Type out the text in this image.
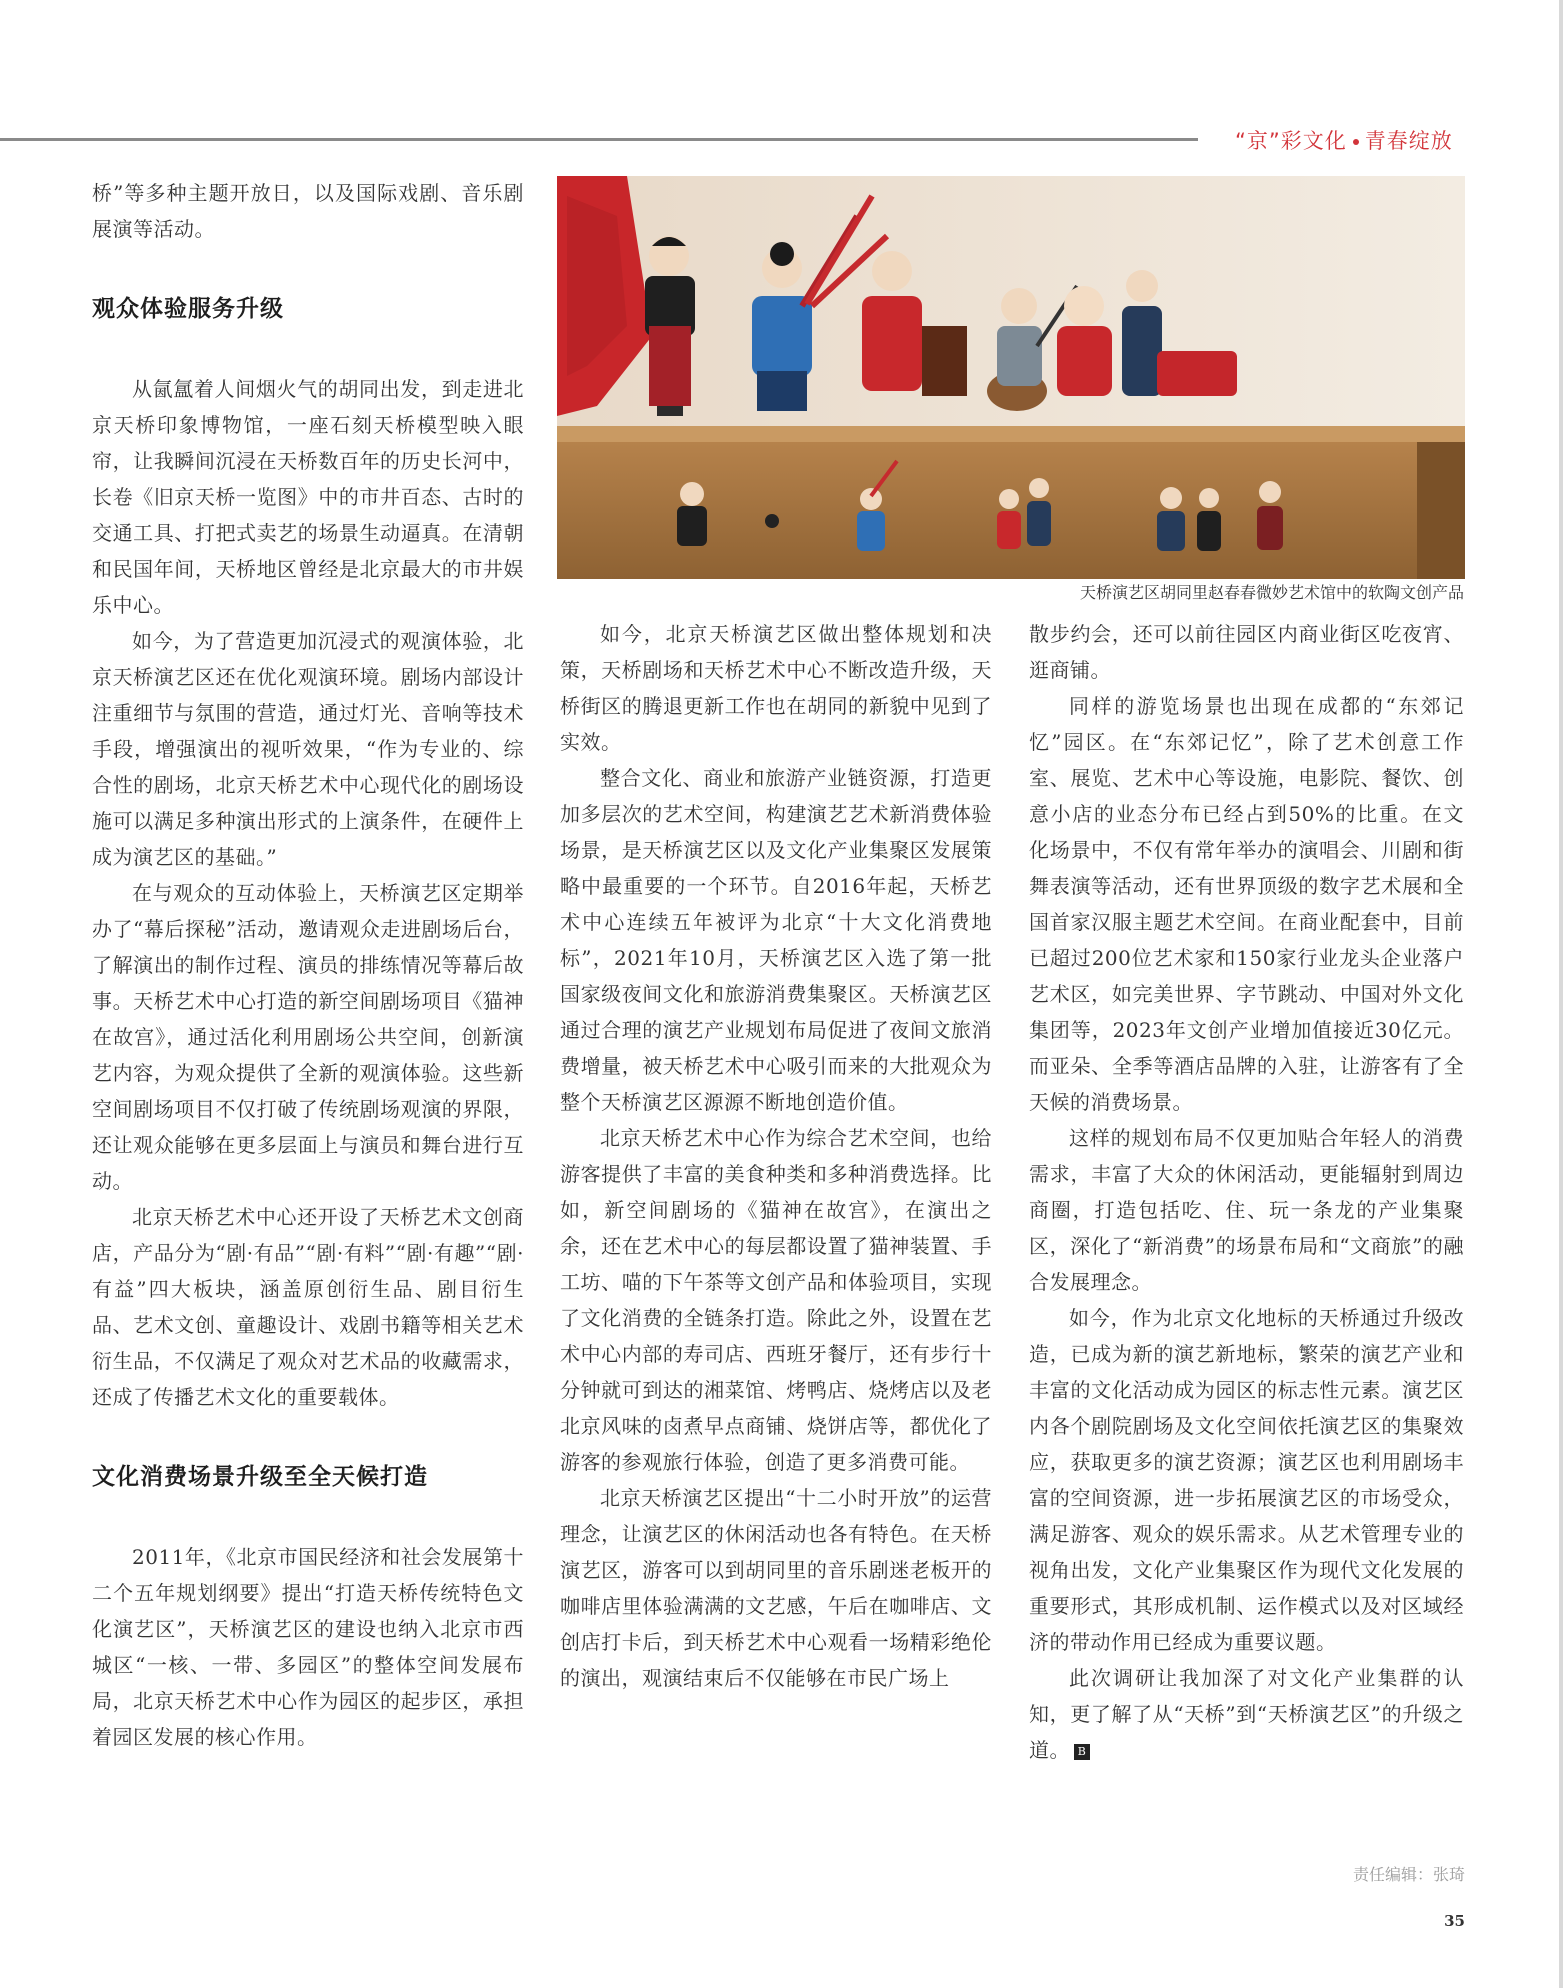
“京”彩文化 青春绽放

桥”等多种主题开放日，以及国际戏剧、音乐剧展演等活动。

观众体验服务升级

从氤氲着人间烟火气的胡同出发，到走进北京天桥印象博物馆，一座石刻天桥模型映入眼帘，让我瞬间沉浸在天桥数百年的历史长河中，长卷《旧京天桥一览图》中的市井百态、古时的交通工具、打把式卖艺的场景生动逼真。在清朝和民国年间，天桥地区曾经是北京最大的市井娱乐中心。

如今，为了营造更加沉浸式的观演体验，北京天桥演艺区还在优化观演环境。剧场内部设计注重细节与氛围的营造，通过灯光、音响等技术手段，增强演出的视听效果，“作为专业的、综合性的剧场，北京天桥艺术中心现代化的剧场设施可以满足多种演出形式的上演条件，在硬件上成为演艺区的基础。”

在与观众的互动体验上，天桥演艺区定期举办了“幕后探秘”活动，邀请观众走进剧场后台，了解演出的制作过程、演员的排练情况等幕后故事。天桥艺术中心打造的新空间剧场项目《猫神在故宫》，通过活化利用剧场公共空间，创新演艺内容，为观众提供了全新的观演体验。这些新空间剧场项目不仅打破了传统剧场观演的界限，还让观众能够在更多层面上与演员和舞台进行互动。

北京天桥艺术中心还开设了天桥艺术文创商店，产品分为“剧·有品”“剧·有料”“剧·有趣”“剧·有益”四大板块，涵盖原创衍生品、剧目衍生品、艺术文创、童趣设计、戏剧书籍等相关艺术衍生品，不仅满足了观众对艺术品的收藏需求，还成了传播艺术文化的重要载体。

文化消费场景升级至全天候打造

2011年，《北京市国民经济和社会发展第十二个五年规划纲要》提出“打造天桥传统特色文化演艺区”，天桥演艺区的建设也纳入北京市西城区“一核、一带、多园区”的整体空间发展布局，北京天桥艺术中心作为园区的起步区，承担着园区发展的核心作用。

天桥演艺区胡同里赵春春微妙艺术馆中的软陶文创产品

如今，北京天桥演艺区做出整体规划和决策，天桥剧场和天桥艺术中心不断改造升级，天桥街区的腾退更新工作也在胡同的新貌中见到了实效。

整合文化、商业和旅游产业链资源，打造更加多层次的艺术空间，构建演艺艺术新消费体验场景，是天桥演艺区以及文化产业集聚区发展策略中最重要的一个环节。自2016年起，天桥艺术中心连续五年被评为北京“十大文化消费地标”，2021年10月，天桥演艺区入选了第一批国家级夜间文化和旅游消费集聚区。天桥演艺区通过合理的演艺产业规划布局促进了夜间文旅消费增量，被天桥艺术中心吸引而来的大批观众为整个天桥演艺区源源不断地创造价值。

北京天桥艺术中心作为综合艺术空间，也给游客提供了丰富的美食种类和多种消费选择。比如，新空间剧场的《猫神在故宫》，在演出之余，还在艺术中心的每层都设置了猫神装置、手工坊、喵的下午茶等文创产品和体验项目，实现了文化消费的全链条打造。除此之外，设置在艺术中心内部的寿司店、西班牙餐厅，还有步行十分钟就可到达的湘菜馆、烤鸭店、烧烤店以及老北京风味的卤煮早点商铺、烧饼店等，都优化了游客的参观旅行体验，创造了更多消费可能。

北京天桥演艺区提出“十二小时开放”的运营理念，让演艺区的休闲活动也各有特色。在天桥演艺区，游客可以到胡同里的音乐剧迷老板开的咖啡店里体验满满的文艺感，午后在咖啡店、文创店打卡后，到天桥艺术中心观看一场精彩绝伦的演出，观演结束后不仅能够在市民广场上

散步约会，还可以前往园区内商业街区吃夜宵、逛商铺。

同样的游览场景也出现在成都的“东郊记忆”园区。在“东郊记忆”，除了艺术创意工作室、展览、艺术中心等设施，电影院、餐饮、创意小店的业态分布已经占到50%的比重。在文化场景中，不仅有常年举办的演唱会、川剧和街舞表演等活动，还有世界顶级的数字艺术展和全国首家汉服主题艺术空间。在商业配套中，目前已超过200位艺术家和150家行业龙头企业落户艺术区，如完美世界、字节跳动、中国对外文化集团等，2023年文创产业增加值接近30亿元。而亚朵、全季等酒店品牌的入驻，让游客有了全天候的消费场景。

这样的规划布局不仅更加贴合年轻人的消费需求，丰富了大众的休闲活动，更能辐射到周边商圈，打造包括吃、住、玩一条龙的产业集聚区，深化了“新消费”的场景布局和“文商旅”的融合发展理念。

如今，作为北京文化地标的天桥通过升级改造，已成为新的演艺新地标，繁荣的演艺产业和丰富的文化活动成为园区的标志性元素。演艺区内各个剧院剧场及文化空间依托演艺区的集聚效应，获取更多的演艺资源；演艺区也利用剧场丰富的空间资源，进一步拓展演艺区的市场受众，满足游客、观众的娱乐需求。从艺术管理专业的视角出发，文化产业集聚区作为现代文化发展的重要形式，其形成机制、运作模式以及对区域经济的带动作用已经成为重要议题。

此次调研让我加深了对文化产业集群的认知，更了解了从“天桥”到“天桥演艺区”的升级之道。 B

责任编辑：张琦
35
